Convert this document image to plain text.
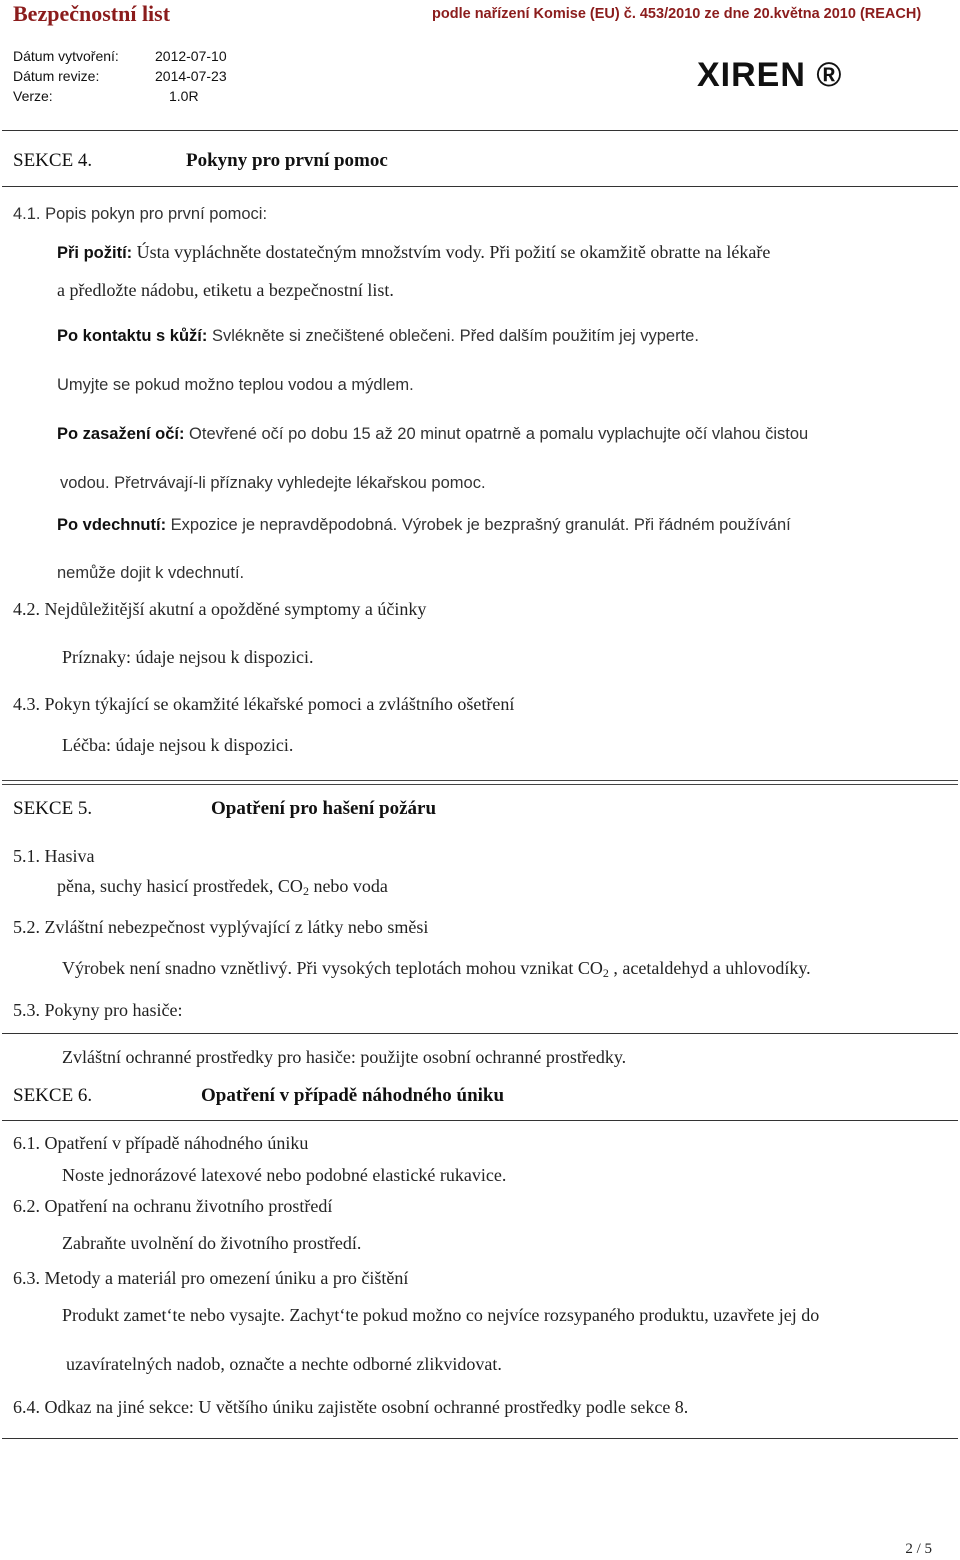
Bezpečnostní list	podle nařízení Komise (EU) č. 453/2010 ze dne 20.května 2010 (REACH)
Dátum vytvoření:	2012-07-10
Dátum revize:	2014-07-23
Verze:	1.0R
XIREN ®
SEKCE 4.	Pokyny pro první pomoc
4.1. Popis pokyn pro první pomoci:
Při požití: Ústa vypláchněte dostatečným množstvím vody. Při požití se okamžitě obratte na lékaře
a předložte nádobu, etiketu a bezpečnostní list.
Po kontaktu s kůží: Svlékněte si znečištené oblečeni. Před dalším použitím jej vyperte.
Umyjte se pokud možno teplou vodou a mýdlem.
Po zasažení očí: Otevřené očí po dobu 15 až 20 minut opatrně a pomalu vyplachujte očí vlahou čistou
vodou. Přetrvávají-li příznaky vyhledejte lékařskou pomoc.
Po vdechnutí: Expozice je nepravděpodobná. Výrobek je bezprašný granulát. Při řádném používání
nemůže dojit k vdechnutí.
4.2. Nejdůležitější akutní a opožděné symptomy a účinky
Príznaky: údaje nejsou k dispozici.
4.3. Pokyn týkající se okamžité lékařské pomoci a zvláštního ošetření
Léčba: údaje nejsou k dispozici.
SEKCE 5.	Opatření pro hašení požáru
5.1. Hasiva
pěna, suchy hasicí prostředek, $CO_2$ nebo voda
5.2. Zvláštní nebezpečnost vyplývající z látky nebo směsi
Výrobek není snadno vznětlivý. Při vysokých teplotách mohou vznikat $CO_2$ , acetaldehyd a uhlovodíky.
5.3. Pokyny pro hasiče:
Zvláštní ochranné prostředky pro hasiče: použijte osobní ochranné prostředky.
SEKCE 6.	Opatření v případě náhodného úniku
6.1. Opatření v případě náhodného úniku
Noste jednorázové latexové nebo podobné elastické rukavice.
6.2. Opatření na ochranu životního prostředí
Zabraňte uvolnění do životního prostředí.
6.3. Metody a materiál pro omezení úniku a pro čištění
Produkt zamet‘te nebo vysajte. Zachyt‘te pokud možno co nejvíce rozsypaného produktu, uzavřete jej do
uzavíratelných nadob, označte a nechte odborné zlikvidovat.
6.4. Odkaz na jiné sekce: U většího úniku zajistěte osobní ochranné prostředky podle sekce 8.
2 / 5
